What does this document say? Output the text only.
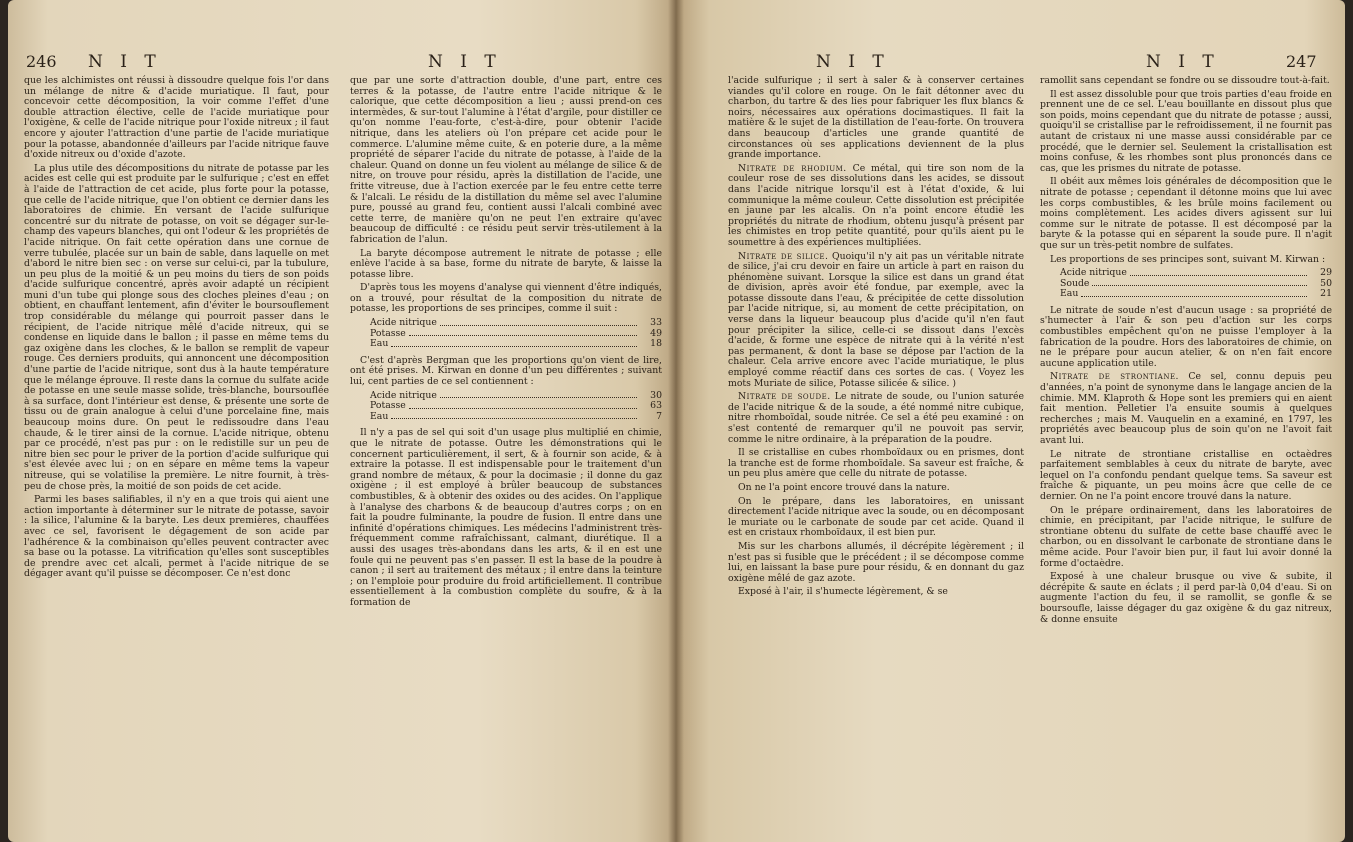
246 N I T	N I T

que les alchimistes ont réussi à dissoudre quelque fois l'or dans un mélange de nitre & d'acide muriatique. Il faut, pour concevoir cette décomposition, la voir comme l'effet d'une double attraction élective, celle de l'acide muriatique pour l'oxigène, & celle de l'acide nitrique pour l'oxide nitreux ; il faut encore y ajouter l'attraction d'une partie de l'acide muriatique pour la potasse, abandonnée d'ailleurs par l'acide nitrique fauve d'oxide nitreux ou d'oxide d'azote.

La plus utile des décompositions du nitrate de potasse par les acides est celle qui est produite par le sulfurique ; c'est en effet à l'aide de l'attraction de cet acide, plus forte pour la potasse, que celle de l'acide nitrique, que l'on obtient ce dernier dans les laboratoires de chimie. En versant de l'acide sulfurique concentré sur du nitrate de potasse, on voit se dégager sur-le-champ des vapeurs blanches, qui ont l'odeur & les propriétés de l'acide nitrique. On fait cette opération dans une cornue de verre tubulée, placée sur un bain de sable, dans laquelle on met d'abord le nitre bien sec : on verse sur celui-ci, par la tubulure, un peu plus de la moitié & un peu moins du tiers de son poids d'acide sulfurique concentré, après avoir adapté un récipient muni d'un tube qui plonge sous des cloches pleines d'eau ; on obtient, en chauffant lentement, afin d'éviter le boursouflement trop considérable du mélange qui pourroit passer dans le récipient, de l'acide nitrique mêlé d'acide nitreux, qui se condense en liquide dans le ballon ; il passe en même tems du gaz oxigène dans les cloches, & le ballon se remplit de vapeur rouge. Ces derniers produits, qui annoncent une décomposition d'une partie de l'acide nitrique, sont dus à la haute température que le mélange éprouve. Il reste dans la cornue du sulfate acide de potasse en une seule masse solide, très-blanche, boursouflée à sa surface, dont l'intérieur est dense, & présente une sorte de tissu ou de grain analogue à celui d'une porcelaine fine, mais beaucoup moins dure. On peut le redissoudre dans l'eau chaude, & le tirer ainsi de la cornue. L'acide nitrique, obtenu par ce procédé, n'est pas pur : on le redistille sur un peu de nitre bien sec pour le priver de la portion d'acide sulfurique qui s'est élevée avec lui ; on en sépare en même tems la vapeur nitreuse, qui se volatilise la première. Le nitre fournit, à très-peu de chose près, la moitié de son poids de cet acide.

Parmi les bases salifiables, il n'y en a que trois qui aient une action importante à déterminer sur le nitrate de potasse, savoir : la silice, l'alumine & la baryte. Les deux premières, chauffées avec ce sel, favorisent le dégagement de son acide par l'adhérence & la combinaison qu'elles peuvent contracter avec sa base ou la potasse. La vitrification qu'elles sont susceptibles de prendre avec cet alcali, permet à l'acide nitrique de se dégager avant qu'il puisse se décomposer. Ce n'est donc

que par une sorte d'attraction double, d'une part, entre ces terres & la potasse, de l'autre entre l'acide nitrique & le calorique, que cette décomposition a lieu ; aussi prend-on ces intermèdes, & sur-tout l'alumine à l'état d'argile, pour distiller ce qu'on nomme l'eau-forte, c'est-à-dire, pour obtenir l'acide nitrique, dans les ateliers où l'on prépare cet acide pour le commerce. L'alumine même cuite, & en poterie dure, a la même propriété de séparer l'acide du nitrate de potasse, à l'aide de la chaleur. Quand on donne un feu violent au mélange de silice & de nitre, on trouve pour résidu, après la distillation de l'acide, une fritte vitreuse, due à l'action exercée par le feu entre cette terre & l'alcali. Le résidu de la distillation du même sel avec l'alumine pure, poussé au grand feu, contient aussi l'alcali combiné avec cette terre, de manière qu'on ne peut l'en extraire qu'avec beaucoup de difficulté : ce résidu peut servir très-utilement à la fabrication de l'alun.

La baryte décompose autrement le nitrate de potasse ; elle enlève l'acide à sa base, forme du nitrate de baryte, & laisse la potasse libre.

D'après tous les moyens d'analyse qui viennent d'être indiqués, on a trouvé, pour résultat de la composition du nitrate de potasse, les proportions de ses principes, comme il suit :

Acide nitrique	33
Potasse	49
Eau	18

C'est d'après Bergman que les proportions qu'on vient de lire, ont été prises. M. Kirwan en donne d'un peu différentes ; suivant lui, cent parties de ce sel contiennent :

Acide nitrique	30
Potasse	63
Eau	7

Il n'y a pas de sel qui soit d'un usage plus multiplié en chimie, que le nitrate de potasse. Outre les démonstrations qui le concernent particulièrement, il sert, & à fournir son acide, & à extraire la potasse. Il est indispensable pour le traitement d'un grand nombre de métaux, & pour la docimasie ; il donne du gaz oxigène ; il est employé à brûler beaucoup de substances combustibles, & à obtenir des oxides ou des acides. On l'applique à l'analyse des charbons & de beaucoup d'autres corps ; on en fait la poudre fulminante, la poudre de fusion. Il entre dans une infinité d'opérations chimiques. Les médecins l'administrent très-fréquemment comme rafraîchissant, calmant, diurétique. Il a aussi des usages très-abondans dans les arts, & il en est une foule qui ne peuvent pas s'en passer. Il est la base de la poudre à canon ; il sert au traitement des métaux ; il entre dans la teinture ; on l'emploie pour produire du froid artificiellement. Il contribue essentiellement à la combustion complète du soufre, & à la formation de

N I T	N I T	247

l'acide sulfurique ; il sert à saler & à conserver certaines viandes qu'il colore en rouge. On le fait détonner avec du charbon, du tartre & des lies pour fabriquer les flux blancs & noirs, nécessaires aux opérations docimastiques. Il fait la matière & le sujet de la distillation de l'eau-forte. On trouvera dans beaucoup d'articles une grande quantité de circonstances où ses applications deviennent de la plus grande importance.

Nitrate de rhodium. Ce métal, qui tire son nom de la couleur rose de ses dissolutions dans les acides, se dissout dans l'acide nitrique lorsqu'il est à l'état d'oxide, & lui communique la même couleur. Cette dissolution est précipitée en jaune par les alcalis. On n'a point encore étudié les propriétés du nitrate de rhodium, obtenu jusqu'à présent par les chimistes en trop petite quantité, pour qu'ils aient pu le soumettre à des expériences multipliées.

Nitrate de silice. Quoiqu'il n'y ait pas un véritable nitrate de silice, j'ai cru devoir en faire un article à part en raison du phénomène suivant. Lorsque la silice est dans un grand état de division, après avoir été fondue, par exemple, avec la potasse dissoute dans l'eau, & précipitée de cette dissolution par l'acide nitrique, si, au moment de cette précipitation, on verse dans la liqueur beaucoup plus d'acide qu'il n'en faut pour précipiter la silice, celle-ci se dissout dans l'excès d'acide, & forme une espèce de nitrate qui à la vérité n'est pas permanent, & dont la base se dépose par l'action de la chaleur. Cela arrive encore avec l'acide muriatique, le plus employé comme réactif dans ces sortes de cas. ( Voyez les mots Muriate de silice, Potasse silicée & silice. )

Nitrate de soude. Le nitrate de soude, ou l'union saturée de l'acide nitrique & de la soude, a été nommé nitre cubique, nitre rhomboïdal, soude nitrée. Ce sel a été peu examiné : on s'est contenté de remarquer qu'il ne pouvoit pas servir, comme le nitre ordinaire, à la préparation de la poudre.

Il se cristallise en cubes rhomboïdaux ou en prismes, dont la tranche est de forme rhomboïdale. Sa saveur est fraîche, & un peu plus amère que celle du nitrate de potasse.

On ne l'a point encore trouvé dans la nature.

On le prépare, dans les laboratoires, en unissant directement l'acide nitrique avec la soude, ou en décomposant le muriate ou le carbonate de soude par cet acide. Quand il est en cristaux rhomboïdaux, il est bien pur.

Mis sur les charbons allumés, il décrépite légèrement ; il n'est pas si fusible que le précédent ; il se décompose comme lui, en laissant la base pure pour résidu, & en donnant du gaz oxigène mêlé de gaz azote.

Exposé à l'air, il s'humecte légèrement, & se

ramollit sans cependant se fondre ou se dissoudre tout-à-fait.

Il est assez dissoluble pour que trois parties d'eau froide en prennent une de ce sel. L'eau bouillante en dissout plus que son poids, moins cependant que du nitrate de potasse ; aussi, quoiqu'il se cristallise par le refroidissement, il ne fournit pas autant de cristaux ni une masse aussi considérable par ce procédé, que le dernier sel. Seulement la cristallisation est moins confuse, & les rhombes sont plus prononcés dans ce cas, que les prismes du nitrate de potasse.

Il obéit aux mêmes lois générales de décomposition que le nitrate de potasse ; cependant il détonne moins que lui avec les corps combustibles, & les brûle moins facilement ou moins complètement. Les acides divers agissent sur lui comme sur le nitrate de potasse. Il est décomposé par la baryte & la potasse qui en séparent la soude pure. Il n'agit que sur un très-petit nombre de sulfates.

Les proportions de ses principes sont, suivant M. Kirwan :

Acide nitrique	29
Soude	50
Eau	21

Le nitrate de soude n'est d'aucun usage : sa propriété de s'humecter à l'air & son peu d'action sur les corps combustibles empêchent qu'on ne puisse l'employer à la fabrication de la poudre. Hors des laboratoires de chimie, on ne le prépare pour aucun atelier, & on n'en fait encore aucune application utile.

Nitrate de strontiane. Ce sel, connu depuis peu d'années, n'a point de synonyme dans le langage ancien de la chimie. MM. Klaproth & Hope sont les premiers qui en aient fait mention. Pelletier l'a ensuite soumis à quelques recherches ; mais M. Vauquelin en a examiné, en 1797, les propriétés avec beaucoup plus de soin qu'on ne l'avoit fait avant lui.

Le nitrate de strontiane cristallise en octaèdres parfaitement semblables à ceux du nitrate de baryte, avec lequel on l'a confondu pendant quelque tems. Sa saveur est fraîche & piquante, un peu moins âcre que celle de ce dernier. On ne l'a point encore trouvé dans la nature.

On le prépare ordinairement, dans les laboratoires de chimie, en précipitant, par l'acide nitrique, le sulfure de strontiane obtenu du sulfate de cette base chauffé avec le charbon, ou en dissolvant le carbonate de strontiane dans le même acide. Pour l'avoir bien pur, il faut lui avoir donné la forme d'octaèdre.

Exposé à une chaleur brusque ou vive & subite, il décrépite & saute en éclats ; il perd par-là 0,04 d'eau. Si on augmente l'action du feu, il se ramollit, se gonfle & se boursoufle, laisse dégager du gaz oxigène & du gaz nitreux, & donne ensuite
